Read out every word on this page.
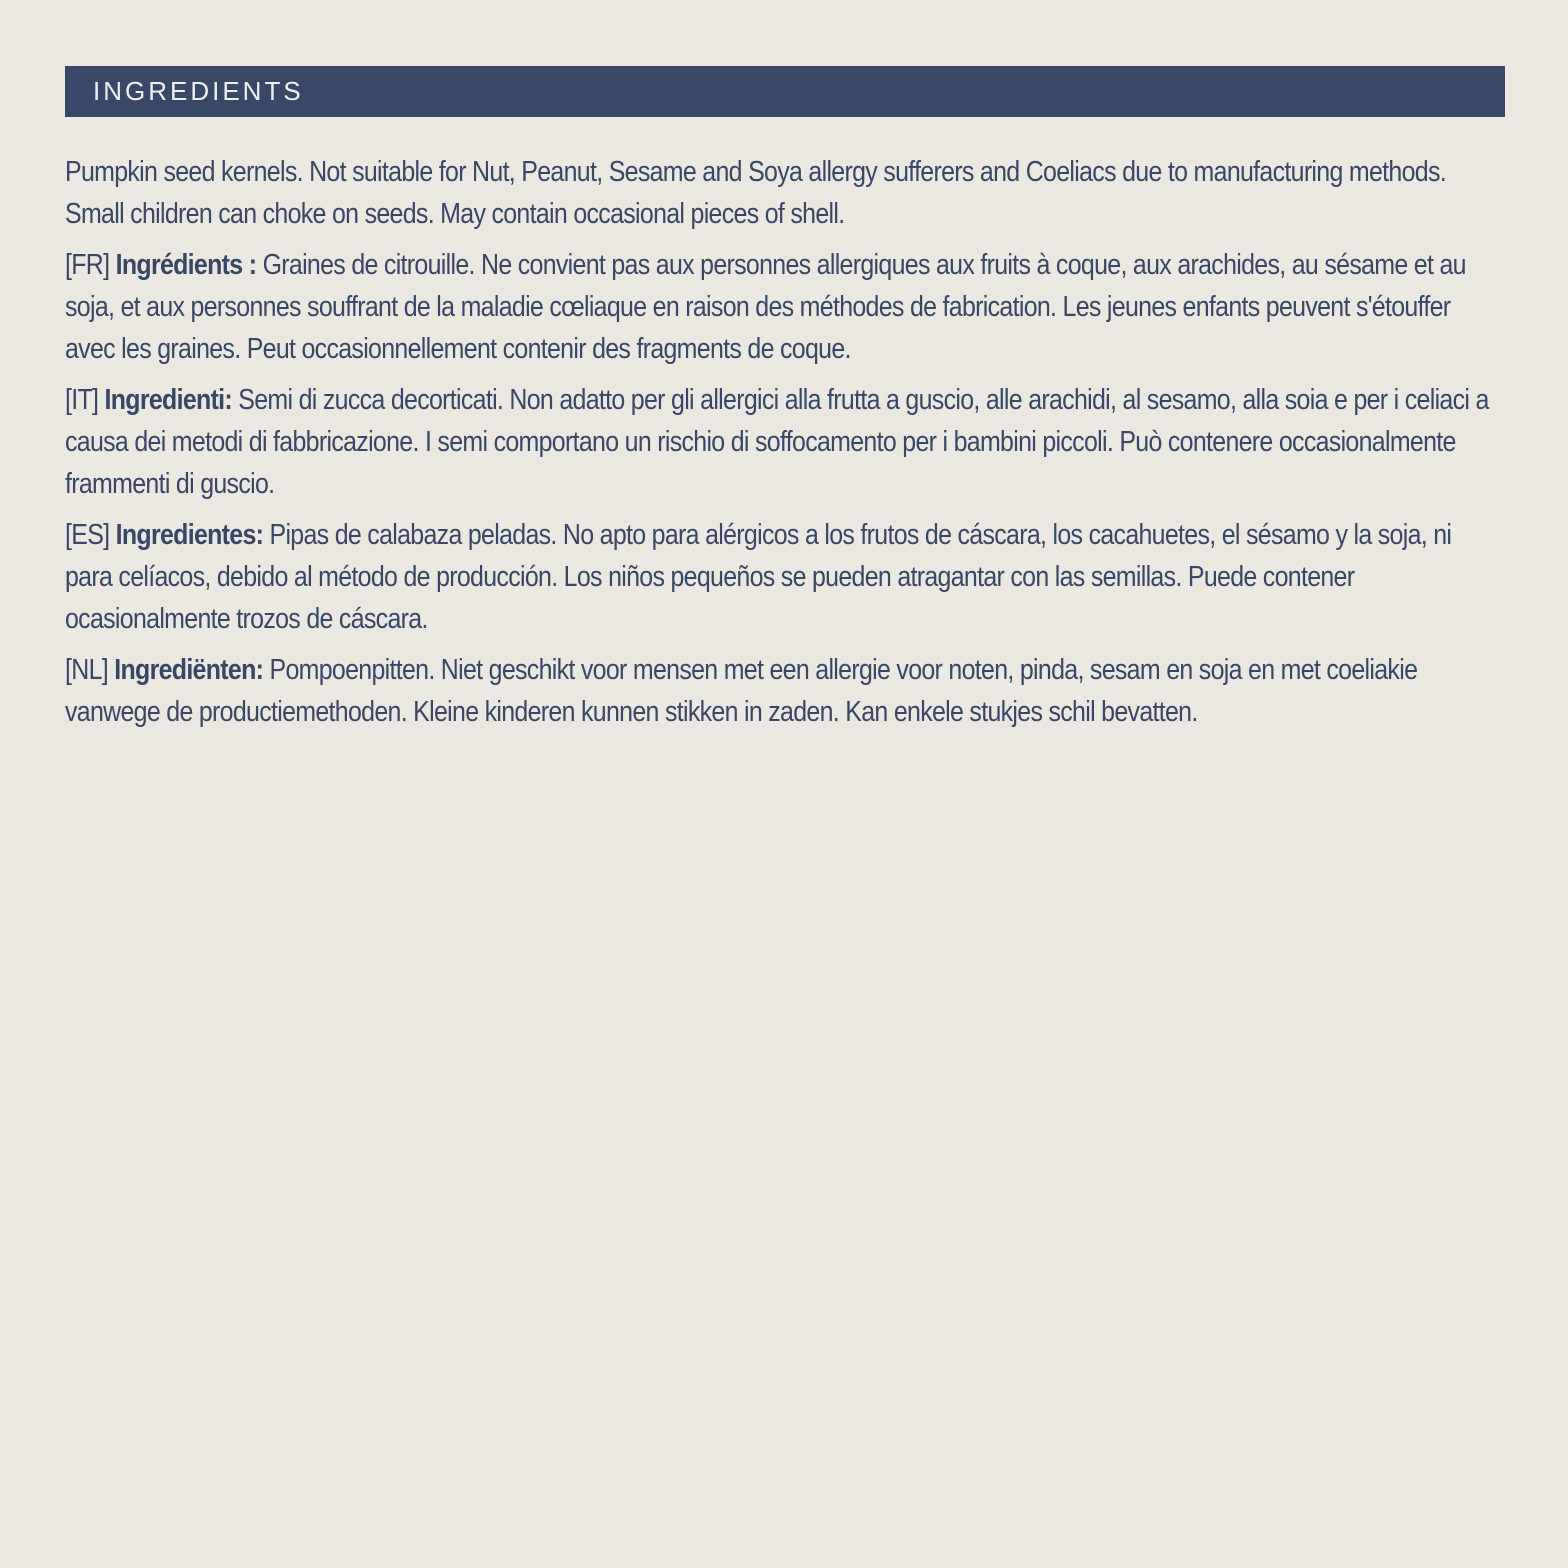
INGREDIENTS

Pumpkin seed kernels. Not suitable for Nut, Peanut, Sesame and Soya allergy sufferers and Coeliacs due to manufacturing methods. Small children can choke on seeds. May contain occasional pieces of shell.

[FR] Ingrédients : Graines de citrouille. Ne convient pas aux personnes allergiques aux fruits à coque, aux arachides, au sésame et au soja, et aux personnes souffrant de la maladie cœliaque en raison des méthodes de fabrication. Les jeunes enfants peuvent s'étouffer avec les graines. Peut occasionnellement contenir des fragments de coque.

[IT] Ingredienti: Semi di zucca decorticati. Non adatto per gli allergici alla frutta a guscio, alle arachidi, al sesamo, alla soia e per i celiaci a causa dei metodi di fabbricazione. I semi comportano un rischio di soffocamento per i bambini piccoli. Può contenere occasionalmente frammenti di guscio.

[ES] Ingredientes: Pipas de calabaza peladas. No apto para alérgicos a los frutos de cáscara, los cacahuetes, el sésamo y la soja, ni para celíacos, debido al método de producción. Los niños pequeños se pueden atragantar con las semillas. Puede contener ocasionalmente trozos de cáscara.

[NL] Ingrediënten: Pompoenpitten. Niet geschikt voor mensen met een allergie voor noten, pinda, sesam en soja en met coeliakie vanwege de productiemethoden. Kleine kinderen kunnen stikken in zaden. Kan enkele stukjes schil bevatten.
